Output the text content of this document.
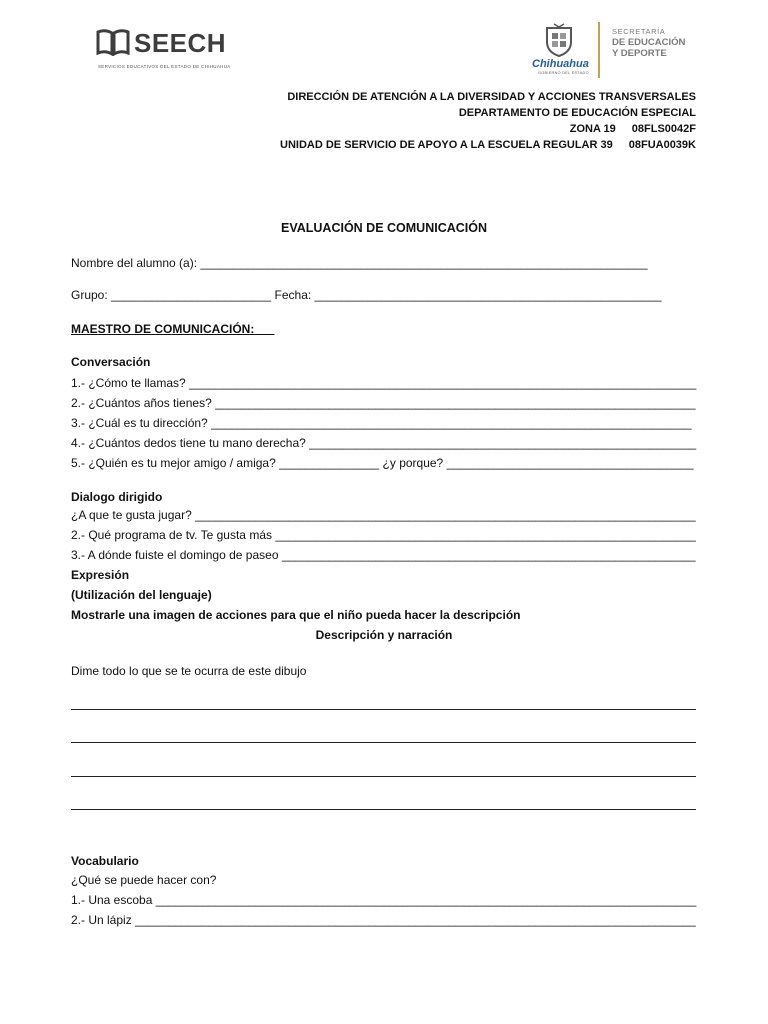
SEECH
SERVICIOS EDUCATIVOS DEL ESTADO DE CHIHUAHUA	Chihuahua
GOBIERNO DEL ESTADO
SECRETARÍA
DE EDUCACIÓN
Y DEPORTE
DIRECCIÓN DE ATENCIÓN A LA DIVERSIDAD Y ACCIONES TRANSVERSALES
DEPARTAMENTO DE EDUCACIÓN ESPECIAL
ZONA 19 08FLS0042F
UNIDAD DE SERVICIO DE APOYO A LA ESCUELA REGULAR 39 08FUA0039K
EVALUACIÓN DE COMUNICACIÓN
Nombre del alumno (a): ___________________________________________________________________
Grupo: ________________________ Fecha: ____________________________________________________
MAESTRO DE COMUNICACIÓN:___
Conversación
1.- ¿Cómo te llamas? ____________________________________________________________________________
2.- ¿Cuántos años tienes? ________________________________________________________________________
3.- ¿Cuál es tu dirección? ________________________________________________________________________
4.- ¿Cuántos dedos tiene tu mano derecha? __________________________________________________________
5.- ¿Quién es tu mejor amigo / amiga? _______________ ¿y porque? _____________________________________
Dialogo dirigido
¿A que te gusta jugar? ___________________________________________________________________________
2.- Qué programa de tv. Te gusta más _______________________________________________________________
3.- A dónde fuiste el domingo de paseo ______________________________________________________________
Expresión
(Utilización del lenguaje)
Mostrarle una imagen de acciones para que el niño pueda hacer la descripción
Descripción y narración
Dime todo lo que se te ocurra de este dibujo
Vocabulario
¿Qué se puede hacer con?
1.- Una escoba _________________________________________________________________________________
2.- Un lápiz ____________________________________________________________________________________
